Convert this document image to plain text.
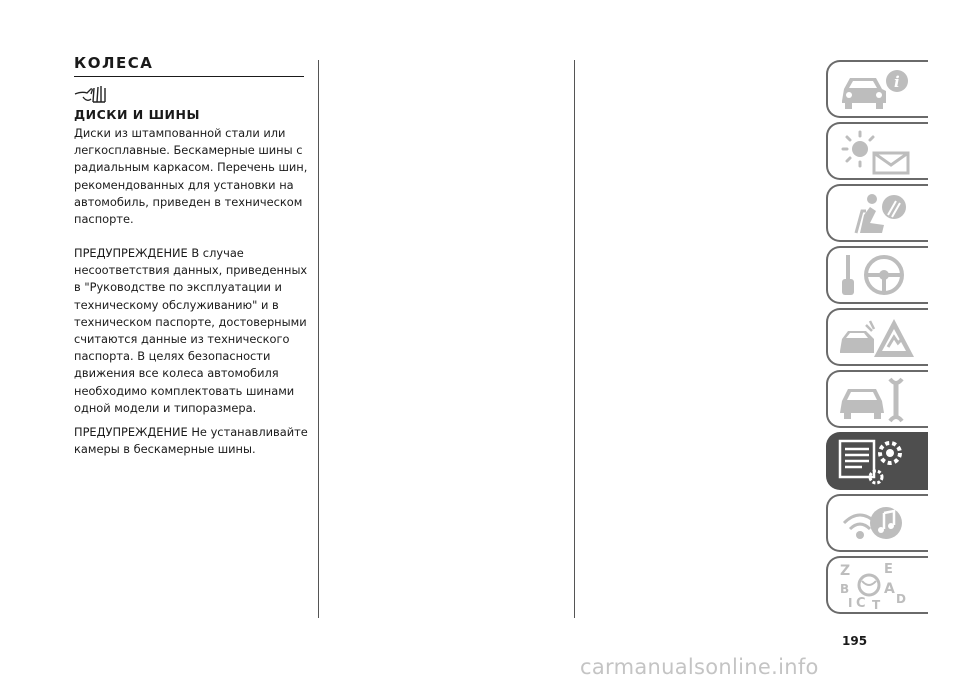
КОЛЕСА
ДИСКИ И ШИНЫ
Диски из штампованной стали или
легкосплавные. Бескамерные шины с
радиальным каркасом. Перечень шин,
рекомендованных для установки на
автомобиль, приведен в техническом
паспорте.
ПРЕДУПРЕЖДЕНИЕ В случае
несоответствия данных, приведенных
в "Руководстве по эксплуатации и
техническому обслуживанию" и в
техническом паспорте, достоверными
считаются данные из технического
паспорта. В целях безопасности
движения все колеса автомобиля
необходимо комплектовать шинами
одной модели и типоразмера.
ПРЕДУПРЕЖДЕНИЕ Не устанавливайте
камеры в бескамерные шины.
i
Z	E
B A
I C T D
195
carmanualsonline.info
